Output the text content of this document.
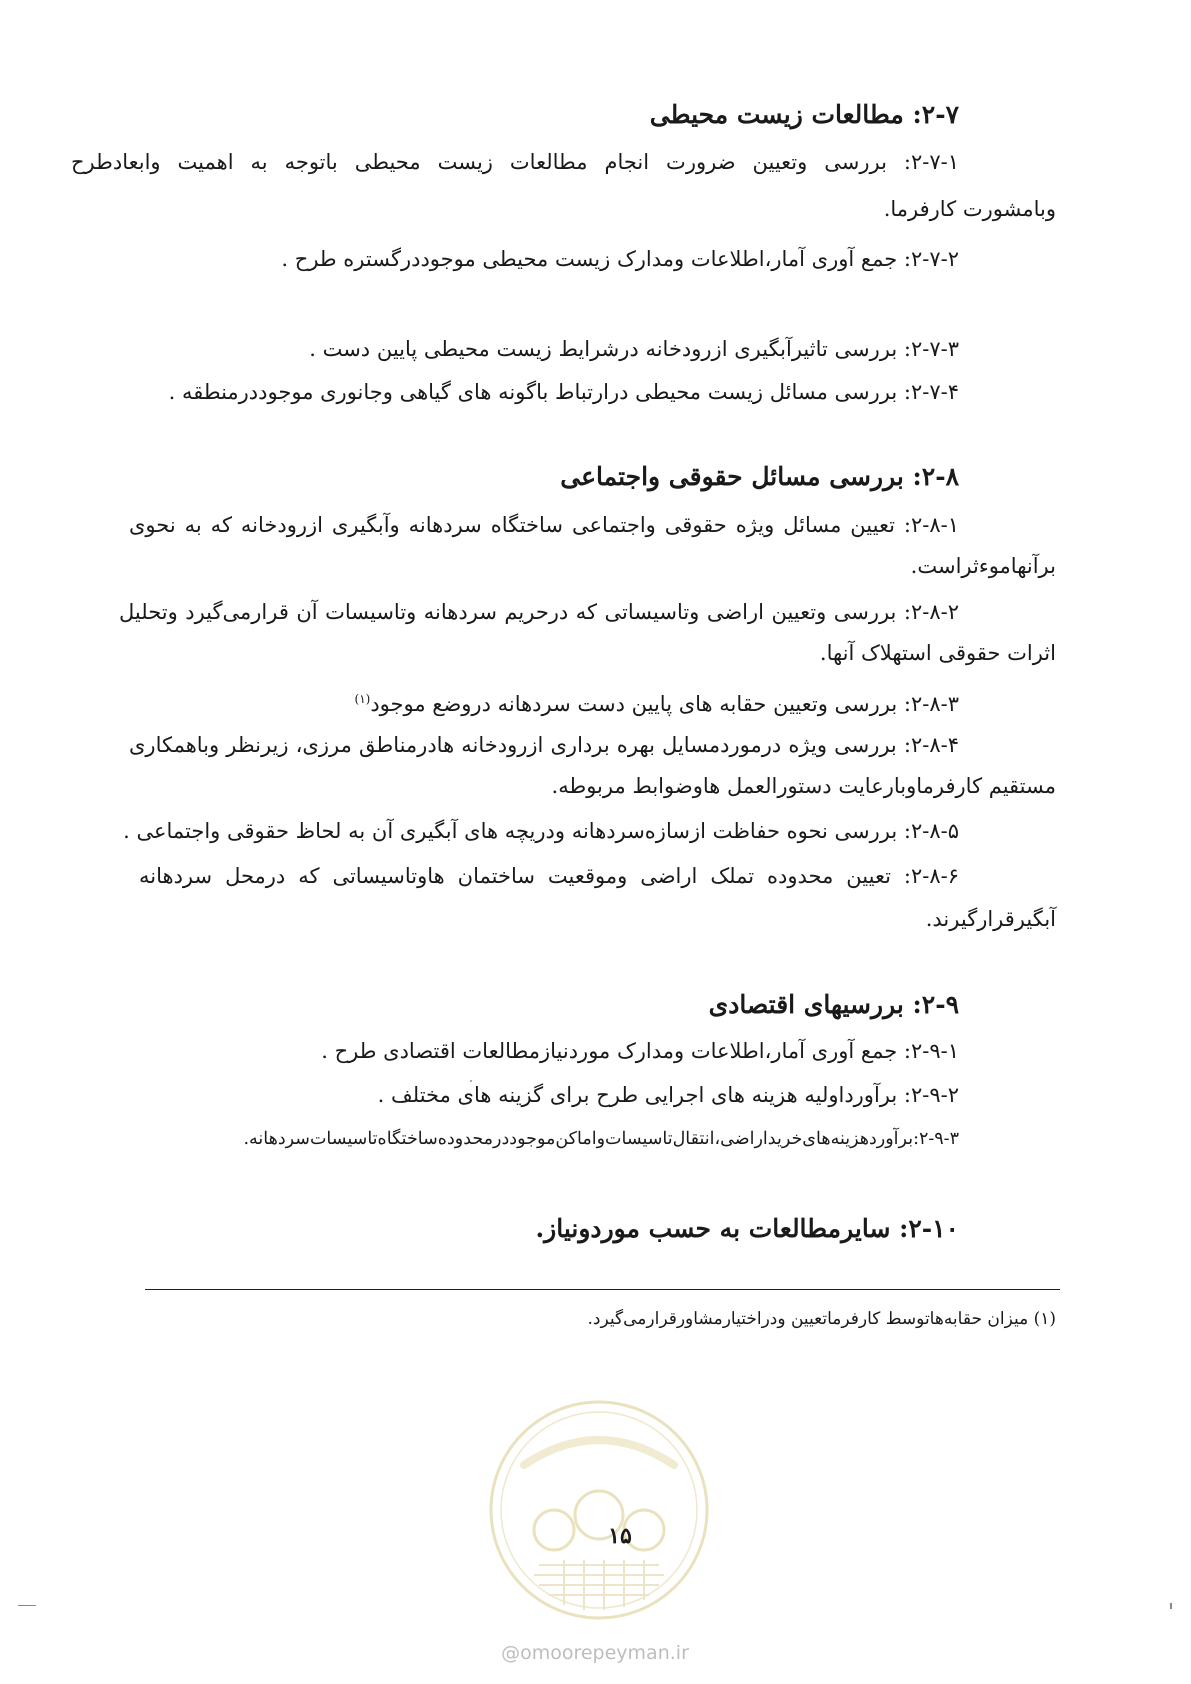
۲-۷: مطالعات زیست محیطی
۲-۷-۱: بررسی وتعیین ضرورت انجام مطالعات زیست محیطی باتوجه به اهمیت وابعادطرح
وبامشورت کارفرما.
۲-۷-۲: جمع آوری آمار،اطلاعات ومدارک زیست محیطی موجوددرگستره طرح .
۲-۷-۳: بررسی تاثیرآبگیری ازرودخانه درشرایط زیست محیطی پایین دست .
۲-۷-۴: بررسی مسائل زیست محیطی درارتباط باگونه های گیاهی وجانوری موجوددرمنطقه .
۲-۸: بررسی مسائل حقوقی واجتماعی
۲-۸-۱: تعیین مسائل ویژه حقوقی واجتماعی ساختگاه سردهانه وآبگیری ازرودخانه که به نحوی
برآنهاموءثراست.
۲-۸-۲: بررسی وتعیین اراضی وتاسیساتی که درحریم سردهانه وتاسیسات آن قرارمی‌گیرد وتحلیل
اثرات حقوقی استهلاک آنها.
۲-۸-۳: بررسی وتعیین حقابه های پایین دست سردهانه دروضع موجود$^{(۱)}$
۲-۸-۴: بررسی ویژه درموردمسایل بهره برداری ازرودخانه هادرمناطق مرزی، زیرنظر وباهمکاری
مستقیم کارفرماوبارعایت دستورالعمل هاوضوابط مربوطه.
۲-۸-۵: بررسی نحوه حفاظت ازسازه‌سردهانه ودریچه های آبگیری آن به لحاظ حقوقی واجتماعی .
۲-۸-۶: تعیین محدوده تملک اراضی وموقعیت ساختمان هاوتاسیساتی که درمحل سردهانه
آبگیرقرارگیرند.
۲-۹: بررسیهای اقتصادی
۲-۹-۱: جمع آوری آمار،اطلاعات ومدارک موردنیازمطالعات اقتصادی طرح .
۲-۹-۲: برآورداولیه هزینه های اجرایی طرح برای گزینه های مختلف .
۲-۹-۳:برآوردهزینه‌های‌خریداراضی،انتقال‌تاسیسات‌واماکن‌موجوددرمحدوده‌ساختگاه‌تاسیسات‌سردهانه.
۲-۱۰: سایرمطالعات به حسب موردونیاز.
(۱) میزان حقابه‌هاتوسط کارفرماتعیین ودراختیارمشاورقرارمی‌گیرد.
۱۵
@omoorepeyman.ir
